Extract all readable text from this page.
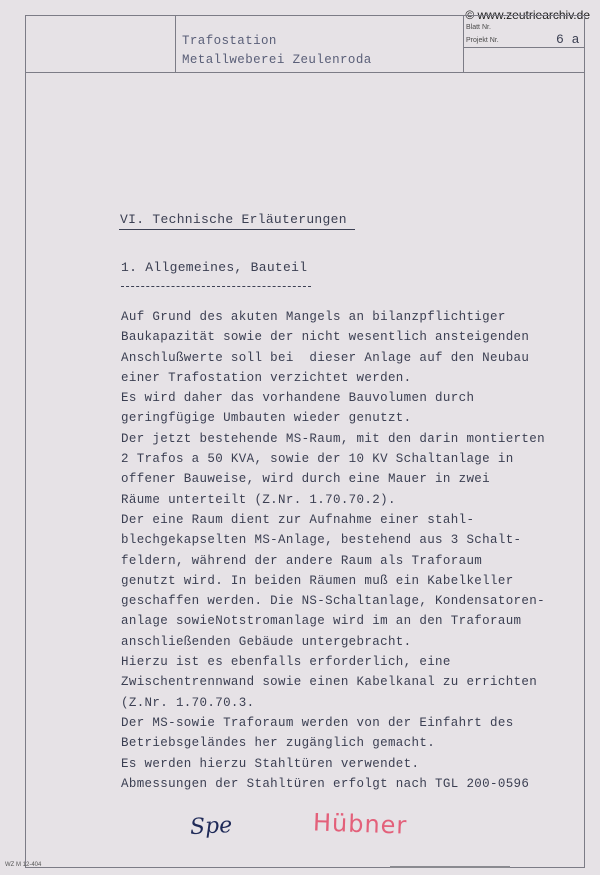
© www.zeutriearchiv.de
Trafostation
Metallweberei Zeulenroda
Blatt Nr.
6 a
Projekt Nr.
VI. Technische Erläuterungen
1. Allgemeines, Bauteil
Auf Grund des akuten Mangels an bilanzpflichtiger
Baukapazität sowie der nicht wesentlich ansteigenden
Anschlußwerte soll bei  dieser Anlage auf den Neubau
einer Trafostation verzichtet werden.
Es wird daher das vorhandene Bauvolumen durch
geringfügige Umbauten wieder genutzt.
Der jetzt bestehende MS-Raum, mit den darin montierten
2 Trafos a 50 KVA, sowie der 10 KV Schaltanlage in
offener Bauweise, wird durch eine Mauer in zwei
Räume unterteilt (Z.Nr. 1.70.70.2).
Der eine Raum dient zur Aufnahme einer stahl-
blechgekapselten MS-Anlage, bestehend aus 3 Schalt-
feldern, während der andere Raum als Traforaum
genutzt wird. In beiden Räumen muß ein Kabelkeller
geschaffen werden. Die NS-Schaltanlage, Kondensatoren-
anlage sowieNotstromanlage wird im an den Traforaum
anschließenden Gebäude untergebracht.
Hierzu ist es ebenfalls erforderlich, eine
Zwischentrennwand sowie einen Kabelkanal zu errichten
(Z.Nr. 1.70.70.3.
Der MS-sowie Traforaum werden von der Einfahrt des
Betriebsgeländes her zugänglich gemacht.
Es werden hierzu Stahltüren verwendet.
Abmessungen der Stahltüren erfolgt nach TGL 200-0596
Spe	Hübner
WZ M 12-404
